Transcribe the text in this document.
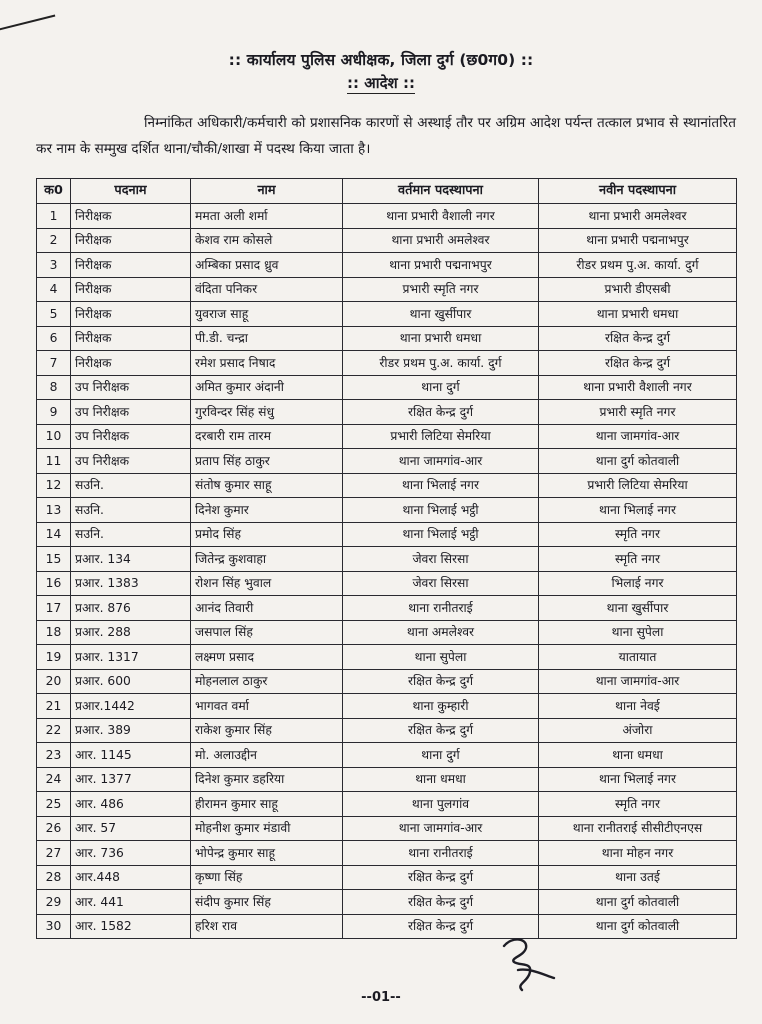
:: कार्यालय पुलिस अधीक्षक, जिला दुर्ग (छ0ग0) ::
:: आदेश ::
निम्नांकित अधिकारी/कर्मचारी को प्रशासनिक कारणों से अस्थाई तौर पर अग्रिम आदेश पर्यन्त तत्काल प्रभाव से स्थानांतरित कर नाम के सम्मुख दर्शित थाना/चौकी/शाखा में पदस्थ किया जाता है।
क0	पदनाम	नाम	वर्तमान पदस्थापना	नवीन पदस्थापना
1	निरीक्षक	ममता अली शर्मा	थाना प्रभारी वैशाली नगर	थाना प्रभारी अमलेश्वर
2	निरीक्षक	केशव राम कोसले	थाना प्रभारी अमलेश्वर	थाना प्रभारी पद्मनाभपुर
3	निरीक्षक	अम्बिका प्रसाद ध्रुव	थाना प्रभारी पद्मनाभपुर	रीडर प्रथम पु.अ. कार्या. दुर्ग
4	निरीक्षक	वंदिता पनिकर	प्रभारी स्मृति नगर	प्रभारी डीएसबी
5	निरीक्षक	युवराज साहू	थाना खुर्सीपार	थाना प्रभारी धमधा
6	निरीक्षक	पी.डी. चन्द्रा	थाना प्रभारी धमधा	रक्षित केन्द्र दुर्ग
7	निरीक्षक	रमेश प्रसाद निषाद	रीडर प्रथम पु.अ. कार्या. दुर्ग	रक्षित केन्द्र दुर्ग
8	उप निरीक्षक	अमित कुमार अंदानी	थाना दुर्ग	थाना प्रभारी वैशाली नगर
9	उप निरीक्षक	गुरविन्दर सिंह संधु	रक्षित केन्द्र दुर्ग	प्रभारी स्मृति नगर
10	उप निरीक्षक	दरबारी राम तारम	प्रभारी लिटिया सेमरिया	थाना जामगांव-आर
11	उप निरीक्षक	प्रताप सिंह ठाकुर	थाना जामगांव-आर	थाना दुर्ग कोतवाली
12	सउनि.	संतोष कुमार साहू	थाना भिलाई नगर	प्रभारी लिटिया सेमरिया
13	सउनि.	दिनेश कुमार	थाना भिलाई भट्ठी	थाना भिलाई नगर
14	सउनि.	प्रमोद सिंह	थाना भिलाई भट्ठी	स्मृति नगर
15	प्रआर. 134	जितेन्द्र कुशवाहा	जेवरा सिरसा	स्मृति नगर
16	प्रआर. 1383	रोशन सिंह भुवाल	जेवरा सिरसा	भिलाई नगर
17	प्रआर. 876	आनंद तिवारी	थाना रानीतराई	थाना खुर्सीपार
18	प्रआर. 288	जसपाल सिंह	थाना अमलेश्वर	थाना सुपेला
19	प्रआर. 1317	लक्ष्मण प्रसाद	थाना सुपेला	यातायात
20	प्रआर. 600	मोहनलाल ठाकुर	रक्षित केन्द्र दुर्ग	थाना जामगांव-आर
21	प्रआर.1442	भागवत वर्मा	थाना कुम्हारी	थाना नेवई
22	प्रआर. 389	राकेश कुमार सिंह	रक्षित केन्द्र दुर्ग	अंजोरा
23	आर. 1145	मो. अलाउद्दीन	थाना दुर्ग	थाना धमधा
24	आर. 1377	दिनेश कुमार डहरिया	थाना धमधा	थाना भिलाई नगर
25	आर. 486	हीरामन कुमार साहू	थाना पुलगांव	स्मृति नगर
26	आर. 57	मोहनीश कुमार मंडावी	थाना जामगांव-आर	थाना रानीतराई सीसीटीएनएस
27	आर. 736	भोपेन्द्र कुमार साहू	थाना रानीतराई	थाना मोहन नगर
28	आर.448	कृष्णा सिंह	रक्षित केन्द्र दुर्ग	थाना उतई
29	आर. 441	संदीप कुमार सिंह	रक्षित केन्द्र दुर्ग	थाना दुर्ग कोतवाली
30	आर. 1582	हरिश राव	रक्षित केन्द्र दुर्ग	थाना दुर्ग कोतवाली
--01--
